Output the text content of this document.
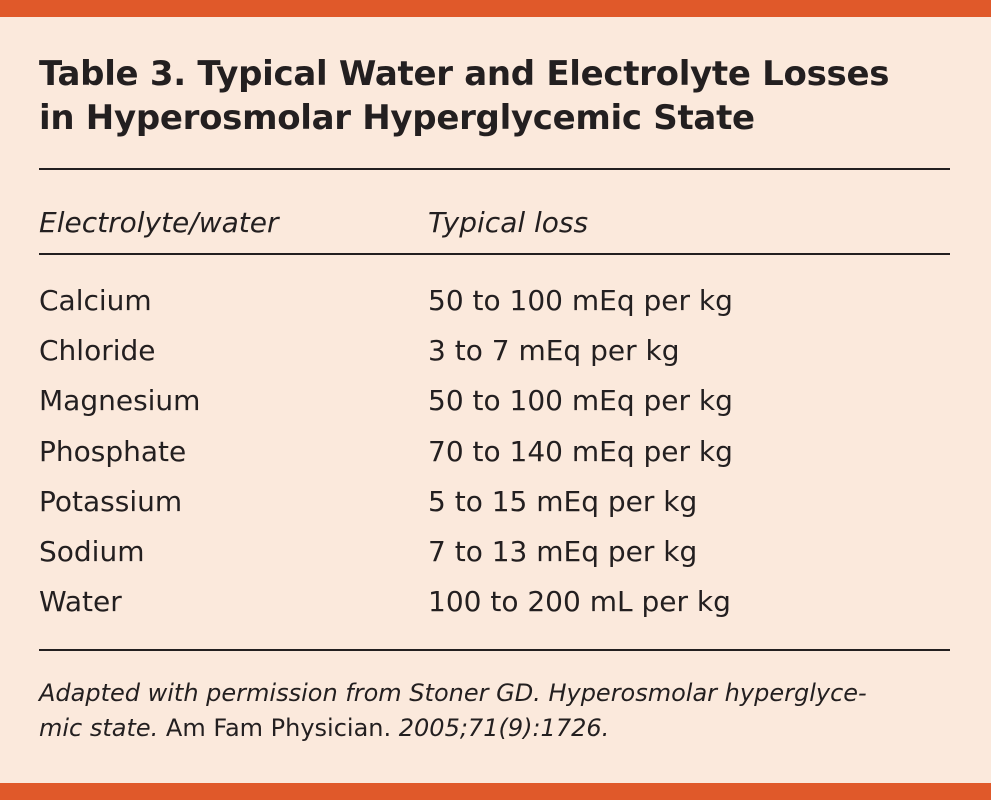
Table 3. Typical Water and Electrolyte Losses
in Hyperosmolar Hyperglycemic State
Electrolyte/water	Typical loss
Calcium	50 to 100 mEq per kg
Chloride	3 to 7 mEq per kg
Magnesium	50 to 100 mEq per kg
Phosphate	70 to 140 mEq per kg
Potassium	5 to 15 mEq per kg
Sodium	7 to 13 mEq per kg
Water	100 to 200 mL per kg
Adapted with permission from Stoner GD. Hyperosmolar hyperglyce-
mic state. Am Fam Physician. 2005;71(9):1726.
